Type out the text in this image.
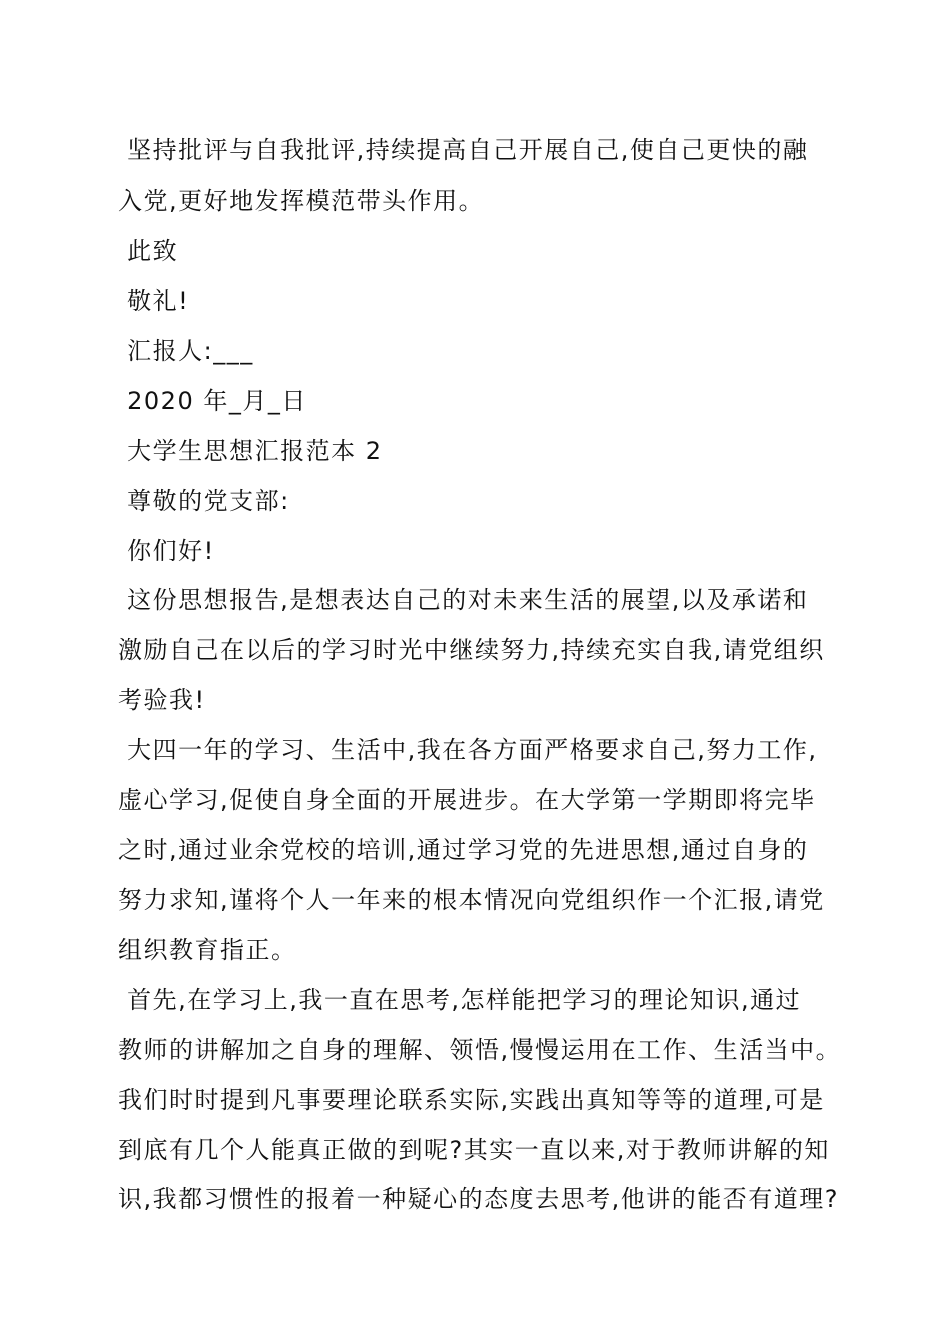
坚持批评与自我批评,持续提高自己开展自己,使自己更快的融
入党,更好地发挥模范带头作用。
此致
敬礼!
汇报人:___
2020 年_月_日
大学生思想汇报范本 2
尊敬的党支部:
你们好!
这份思想报告,是想表达自己的对未来生活的展望,以及承诺和
激励自己在以后的学习时光中继续努力,持续充实自我,请党组织
考验我!
大四一年的学习、生活中,我在各方面严格要求自己,努力工作,
虚心学习,促使自身全面的开展进步。在大学第一学期即将完毕
之时,通过业余党校的培训,通过学习党的先进思想,通过自身的
努力求知,谨将个人一年来的根本情况向党组织作一个汇报,请党
组织教育指正。
首先,在学习上,我一直在思考,怎样能把学习的理论知识,通过
教师的讲解加之自身的理解、领悟,慢慢运用在工作、生活当中。
我们时时提到凡事要理论联系实际,实践出真知等等的道理,可是
到底有几个人能真正做的到呢?其实一直以来,对于教师讲解的知
识,我都习惯性的报着一种疑心的态度去思考,他讲的能否有道理?
